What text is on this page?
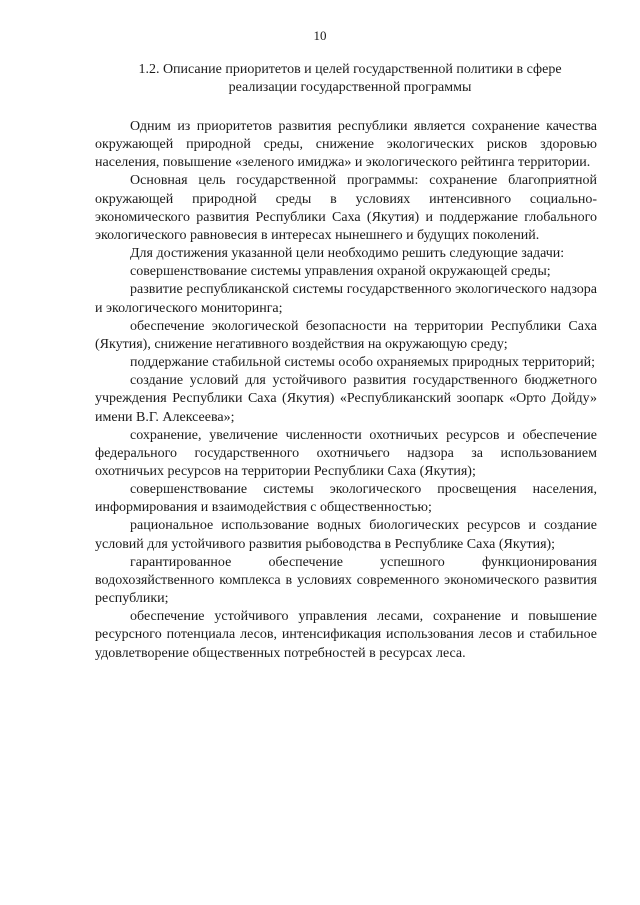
10
1.2. Описание приоритетов и целей государственной политики в сфере
реализации государственной программы

Одним из приоритетов развития республики является сохранение качества окружающей природной среды, снижение экологических рисков здоровью населения, повышение «зеленого имиджа» и экологического рейтинга территории.

Основная цель государственной программы: сохранение благоприятной окружающей природной среды в условиях интенсивного социально-экономического развития Республики Саха (Якутия) и поддержание глобального экологического равновесия в интересах нынешнего и будущих поколений.

Для достижения указанной цели необходимо решить следующие задачи:

совершенствование системы управления охраной окружающей среды;

развитие республиканской системы государственного экологического надзора и экологического мониторинга;

обеспечение экологической безопасности на территории Республики Саха (Якутия), снижение негативного воздействия на окружающую среду;

поддержание стабильной системы особо охраняемых природных территорий;

создание условий для устойчивого развития государственного бюджетного учреждения Республики Саха (Якутия) «Республиканский зоопарк «Орто Дойду» имени В.Г. Алексеева»;

сохранение, увеличение численности охотничьих ресурсов и обеспечение федерального государственного охотничьего надзора за использованием охотничьих ресурсов на территории Республики Саха (Якутия);

совершенствование системы экологического просвещения населения, информирования и взаимодействия с общественностью;

рациональное использование водных биологических ресурсов и создание условий для устойчивого развития рыбоводства в Республике Саха (Якутия);

гарантированное обеспечение успешного функционирования водохозяйственного комплекса в условиях современного экономического развития республики;

обеспечение устойчивого управления лесами, сохранение и повышение ресурсного потенциала лесов, интенсификация использования лесов и стабильное удовлетворение общественных потребностей в ресурсах леса.
